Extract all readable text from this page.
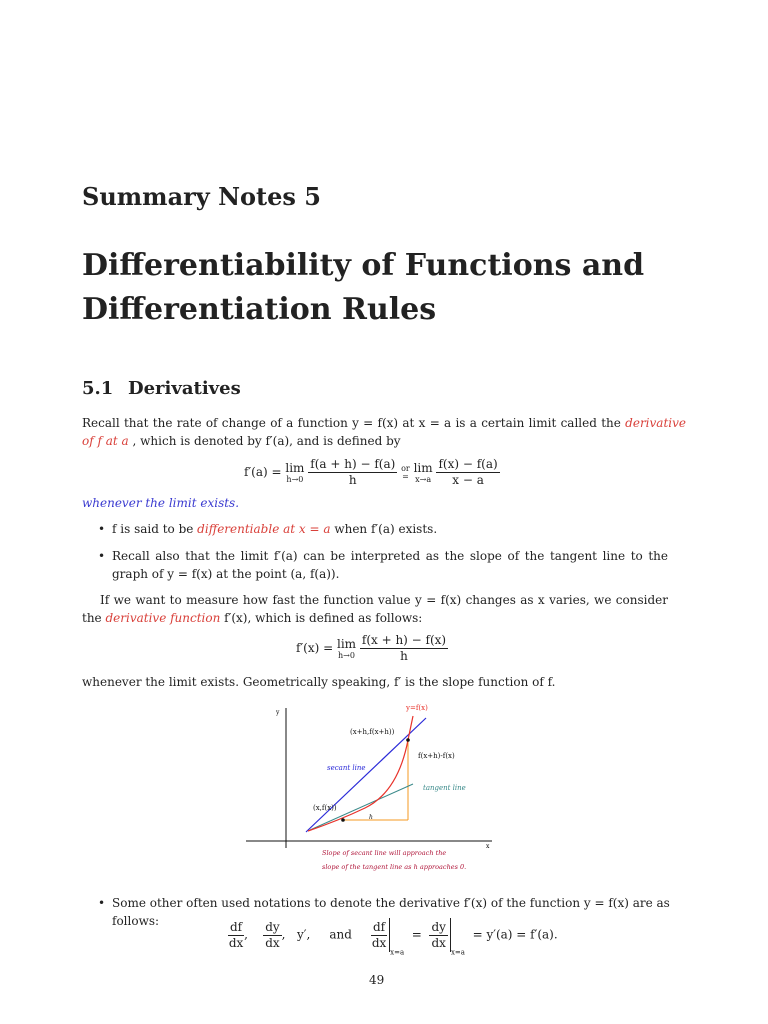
Summary Notes 5
Differentiability of Functions and Differentiation Rules
5.1 Derivatives
Recall that the rate of change of a function y = f(x) at x = a is a certain limit called the derivative of f at a , which is denoted by f′(a), and is defined by
f′(a) = lim
h→0
$\frac{f(a + h) - f(a)}{h}$ or
=
lim
x→a
$\frac{f(x) - f(a)}{x - a}$
whenever the limit exists.
• f is said to be differentiable at x = a when f′(a) exists.
• Recall also that the limit f′(a) can be interpreted as the slope of the tangent line to the graph of y = f(x) at the point (a, f(a)).
If we want to measure how fast the function value y = f(x) changes as x varies, we consider the derivative function f′(x), which is defined as follows:
f′(x) = lim
h→0
$\frac{f(x + h) - f(x)}{h}$
whenever the limit exists. Geometrically speaking, f′ is the slope function of f.
y
x
y=f(x)
(x+h,f(x+h))
f(x+h)-f(x)
secant line
tangent line
(x,f(x))
h
Slope of secant line will approach the
slope of the tangent line as h approaches 0.
• Some other often used notations to denote the derivative f′(x) of the function y = f(x) are as follows:	$\frac{df}{dx}$ , $\frac{dy}{dx}$ ,   y′, and $\frac{df}{dx}$
$_{x=a} = \frac{dy}{dx}$
$_{x=a}$  = y′(a) = f′(a).
49
